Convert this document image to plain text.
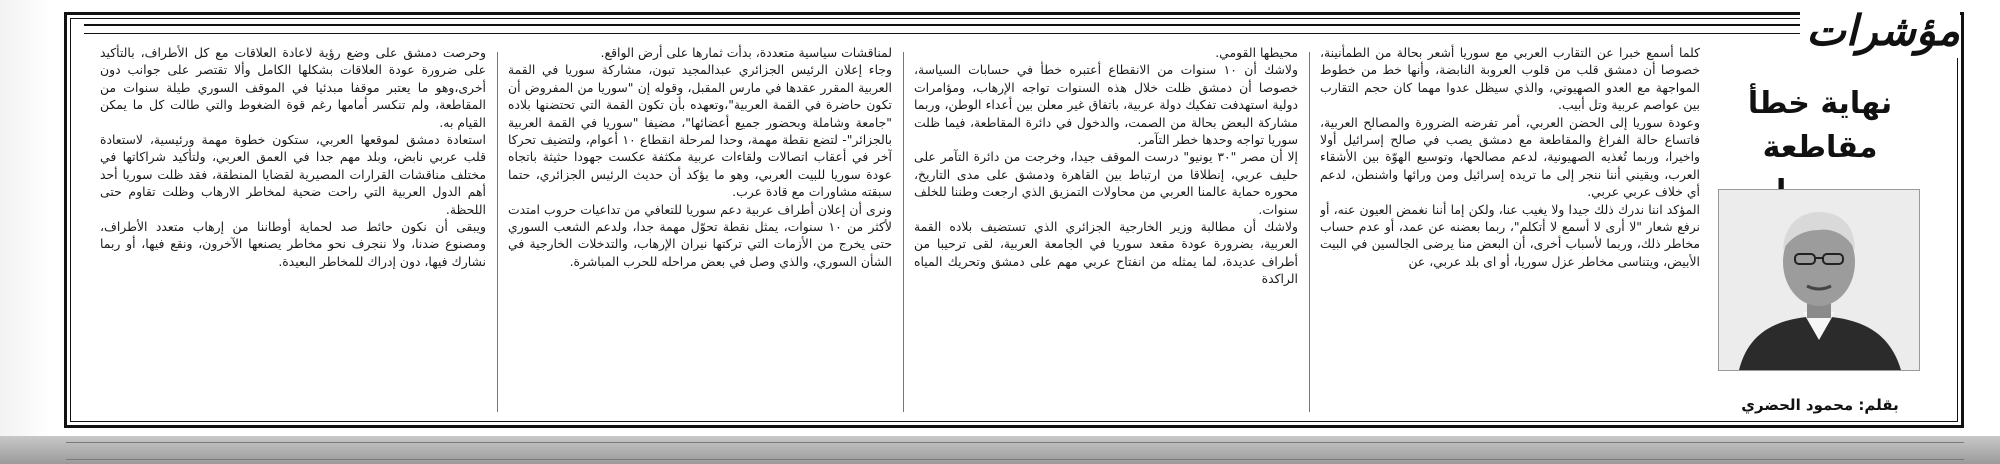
مؤشرات
نهاية خطأ مقاطعة
بقلم: محمود الحضري

كلما أسمع خبرا عن التقارب العربي مع سوريا أشعر بحالة من الطمأنينة، خصوصا أن دمشق قلب من قلوب العروبة النابضة، وأنها خط من خطوط المواجهة مع العدو الصهيوني، والذي سيظل عدوا مهما كان حجم التقارب بين عواصم عربية وتل أبيب.

وعودة سوريا إلى الحضن العربي، أمر تفرضه الضرورة والمصالح العربية، فاتساع حالة الفراغ والمقاطعة مع دمشق يصب في صالح إسرائيل أولا واخيرا، وربما تُغذيه الصهيونية، لدعم مصالحها، وتوسيع الهوّة بين الأشقاء العرب، ويقيني أننا ننجر إلى ما تريده إسرائيل ومن ورائها واشنطن، لدعم أي خلاف عربي عربي.

المؤكد اننا ندرك ذلك جيدا ولا يغيب عنا، ولكن إما أننا نغمض العيون عنه، أو نرفع شعار "لا أرى لا أسمع لا أتكلم"، ربما بعضنه عن عمد، أو عدم حساب مخاطر ذلك، وربما لأسباب أخرى، أن البعض منا يرضى الجالسين في البيت الأبيض، ويتناسى مخاطر عزل سوريا، أو اى بلد عربي، عن

محيطها القومي.

ولاشك أن ١٠ سنوات من الانقطاع أعتبره خطأ في حسابات السياسة، خصوصا أن دمشق ظلت خلال هذه السنوات تواجه الإرهاب، ومؤامرات دولية استهدفت تفكيك دولة عربية، باتفاق غير معلن بين أعداء الوطن، وربما مشاركة البعض بحالة من الصمت، والدخول في دائرة المقاطعة، فيما ظلت سوريا تواجه وحدها خطر التآمر.

إلا أن مصر "٣٠ يونيو" درست الموقف جيدا، وخرجت من دائرة التآمر على حليف عربي، إنطلاقا من ارتباط بين القاهرة ودمشق على مدى التاريخ، محوره حماية عالمنا العربي من محاولات التمزيق الذي ارجعت وطننا للخلف سنوات.

ولاشك أن مطالبة وزير الخارجية الجزائري الذي تستضيف بلاده القمة العربية، بضرورة عودة مقعد سوريا في الجامعة العربية، لقى ترحيبا من أطراف عديدة، لما يمثله من انفتاح عربي مهم على دمشق وتحريك المياه الراكدة

لمناقشات سياسية متعددة، بدأت ثمارها على أرض الواقع.

وجاء إعلان الرئيس الجزائري عبدالمجيد تبون، مشاركة سوريا في القمة العربية المقرر عقدها في مارس المقبل، وقوله إن "سوريا من المفروض أن تكون حاضرة في القمة العربية"،وتعهده بأن تكون القمة التي تحتضنها بلاده "جامعة وشاملة وبحضور جميع أعضائها"، مضيفا "سوريا في القمة العربية بالجزائر"- لتضع نقطة مهمة، وحدا لمرحلة انقطاع ١٠ أعوام، ولتضيف تحركا آخر في أعقاب اتصالات ولقاءات عربية مكثفة عكست جهودا حثيثة باتجاه عودة سوريا للبيت العربي، وهو ما يؤكد أن حديث الرئيس الجزائري، حتما سبقته مشاورات مع قادة عرب.

ونرى أن إعلان أطراف عربية دعم سوريا للتعافي من تداعيات حروب امتدت لأكثر من ١٠ سنوات، يمثل نقطة تحوّل مهمة جدا، ولدعم الشعب السوري حتى يخرج من الأزمات التي تركتها نيران الإرهاب، والتدخلات الخارجية في الشأن السوري، والذي وصل في بعض مراحله للحرب المباشرة.

وحرصت دمشق على وضع رؤية لاعادة العلاقات مع كل الأطراف، بالتأكيد على ضرورة عودة العلاقات بشكلها الكامل وألا تقتصر على جوانب دون أخرى،وهو ما يعتبر موقفا مبدئيا في الموقف السوري طيلة سنوات من المقاطعة، ولم تنكسر أمامها رغم قوة الضغوط والتي طالت كل ما يمكن القيام به.

استعادة دمشق لموقعها العربي، ستكون خطوة مهمة ورئيسية، لاستعادة قلب عربي نابض، وبلد مهم جدا في العمق العربي، ولتأكيد شراكاتها في مختلف مناقشات القرارات المصيرية لقضايا المنطقة، فقد ظلت سوريا أحد أهم الدول العربية التي راحت ضحية لمخاطر الارهاب وظلت تقاوم حتى اللحظة.

ويبقى أن نكون حائط صد لحماية أوطاننا من إرهاب متعدد الأطراف، ومصنوع ضدنا، ولا ننجرف نحو مخاطر يصنعها الآخرون، ونقع فيها، أو ربما نشارك فيها، دون إدراك للمخاطر البعيدة.
